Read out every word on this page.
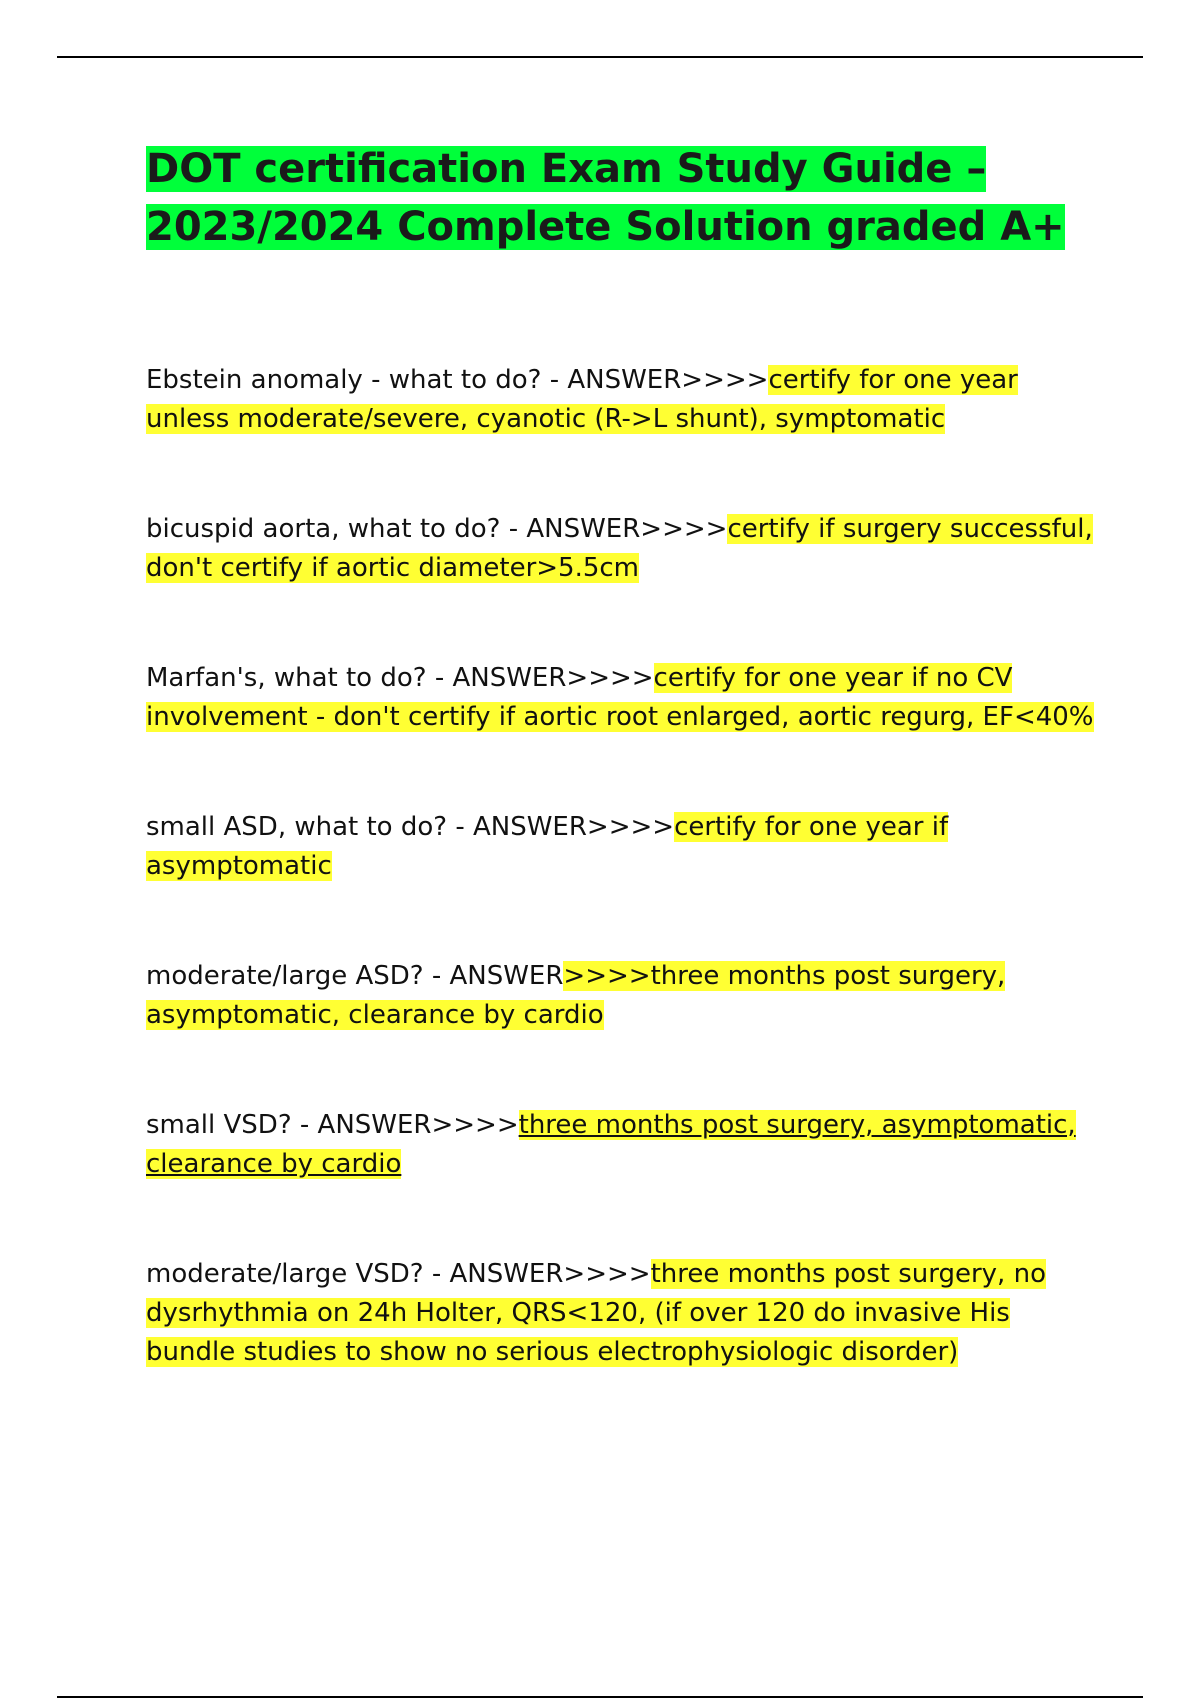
DOT certification Exam Study Guide –
2023/2024 Complete Solution graded A+

Ebstein anomaly - what to do? - ANSWER>>>>certify for one year unless moderate/severe, cyanotic (R->L shunt), symptomatic

bicuspid aorta, what to do? - ANSWER>>>>certify if surgery successful, don't certify if aortic diameter>5.5cm

Marfan's, what to do? - ANSWER>>>>certify for one year if no CV involvement - don't certify if aortic root enlarged, aortic regurg, EF<40%

small ASD, what to do? - ANSWER>>>>certify for one year if asymptomatic

moderate/large ASD? - ANSWER>>>>three months post surgery, asymptomatic, clearance by cardio

small VSD? - ANSWER>>>>three months post surgery, asymptomatic, clearance by cardio

moderate/large VSD? - ANSWER>>>>three months post surgery, no dysrhythmia on 24h Holter, QRS<120, (if over 120 do invasive His bundle studies to show no serious electrophysiologic disorder)
